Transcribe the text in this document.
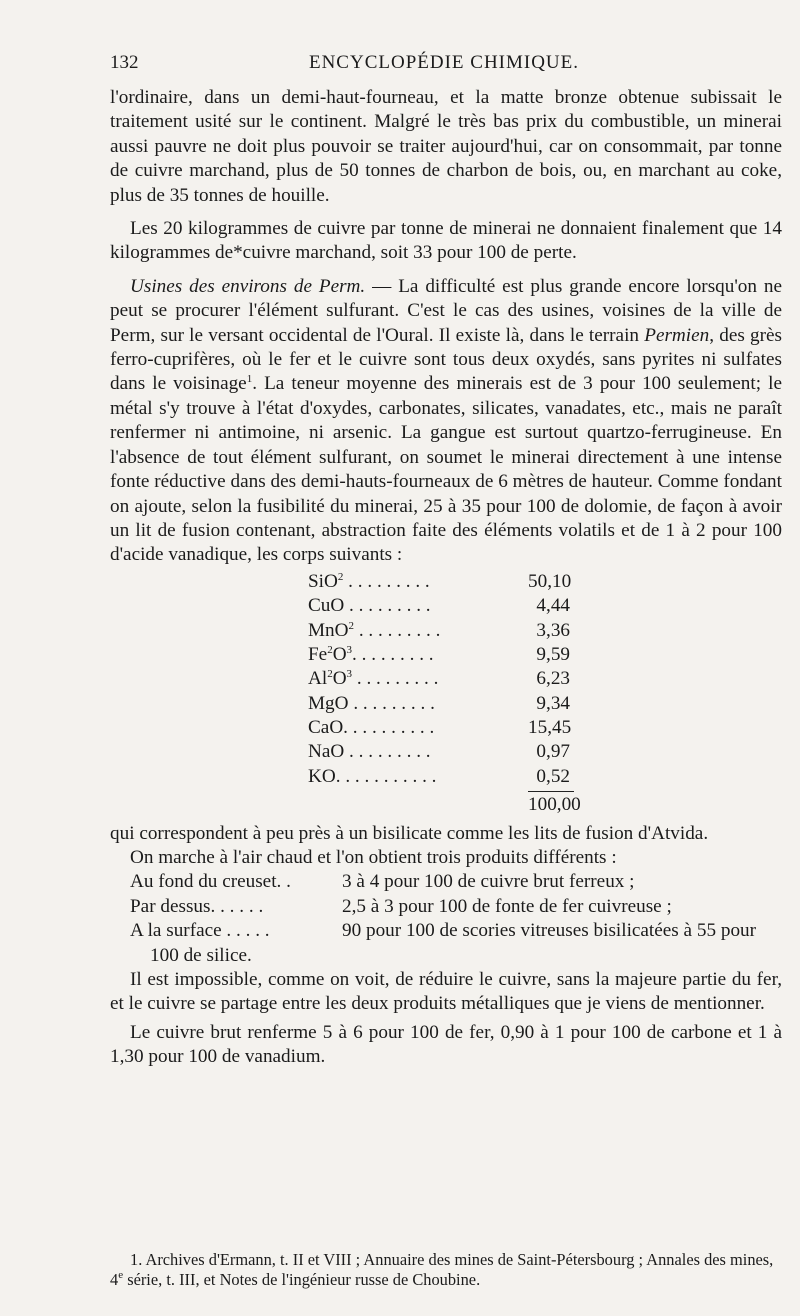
132	ENCYCLOPÉDIE CHIMIQUE.

l'ordinaire, dans un demi-haut-fourneau, et la matte bronze obtenue subissait le traitement usité sur le continent. Malgré le très bas prix du combustible, un minerai aussi pauvre ne doit plus pouvoir se traiter aujourd'hui, car on consommait, par tonne de cuivre marchand, plus de 50 tonnes de charbon de bois, ou, en marchant au coke, plus de 35 tonnes de houille.

Les 20 kilogrammes de cuivre par tonne de minerai ne donnaient finalement que 14 kilogrammes de*cuivre marchand, soit 33 pour 100 de perte.

Usines des environs de Perm. — La difficulté est plus grande encore lorsqu'on ne peut se procurer l'élément sulfurant. C'est le cas des usines, voisines de la ville de Perm, sur le versant occidental de l'Oural. Il existe là, dans le terrain Permien, des grès ferro-cuprifères, où le fer et le cuivre sont tous deux oxydés, sans pyrites ni sulfates dans le voisinage$^1$. La teneur moyenne des minerais est de 3 pour 100 seulement; le métal s'y trouve à l'état d'oxydes, carbonates, silicates, vanadates, etc., mais ne paraît renfermer ni antimoine, ni arsenic. La gangue est surtout quartzo-ferrugineuse. En l'absence de tout élément sulfurant, on soumet le minerai directement à une intense fonte réductive dans des demi-hauts-fourneaux de 6 mètres de hauteur. Comme fondant on ajoute, selon la fusibilité du minerai, 25 à 35 pour 100 de dolomie, de façon à avoir un lit de fusion contenant, abstraction faite des éléments volatils et de 1 à 2 pour 100 d'acide vanadique, les corps suivants :

SiO$^2$ . . . . . . . . .	50,10
CuO . . . . . . . . .	4,44
MnO$^2$ . . . . . . . . .	3,36
$Fe^2O^3$. . . . . . . . .	9,59
$Al^2O^3$ . . . . . . . . .	6,23
MgO . . . . . . . . .	9,34
CaO. . . . . . . . . .	15,45
NaO . . . . . . . . .	0,97
KO. . . . . . . . . . .	0,52
100,00

qui correspondent à peu près à un bisilicate comme les lits de fusion d'Atvida.

On marche à l'air chaud et l'on obtient trois produits différents :

Au fond du creuset. .	3 à 4 pour 100 de cuivre brut ferreux ;
Par dessus. . . . . .	2,5 à 3 pour 100 de fonte de fer cuivreuse ;
A la surface . . . . .	90 pour 100 de scories vitreuses bisilicatées à 55 pour
100 de silice.

Il est impossible, comme on voit, de réduire le cuivre, sans la majeure partie du fer, et le cuivre se partage entre les deux produits métalliques que je viens de mentionner.

Le cuivre brut renferme 5 à 6 pour 100 de fer, 0,90 à 1 pour 100 de carbone et 1 à 1,30 pour 100 de vanadium.

1. Archives d'Ermann, t. II et VIII ; Annuaire des mines de Saint-Pétersbourg ; Annales des mines, 4e série, t. III, et Notes de l'ingénieur russe de Choubine.
